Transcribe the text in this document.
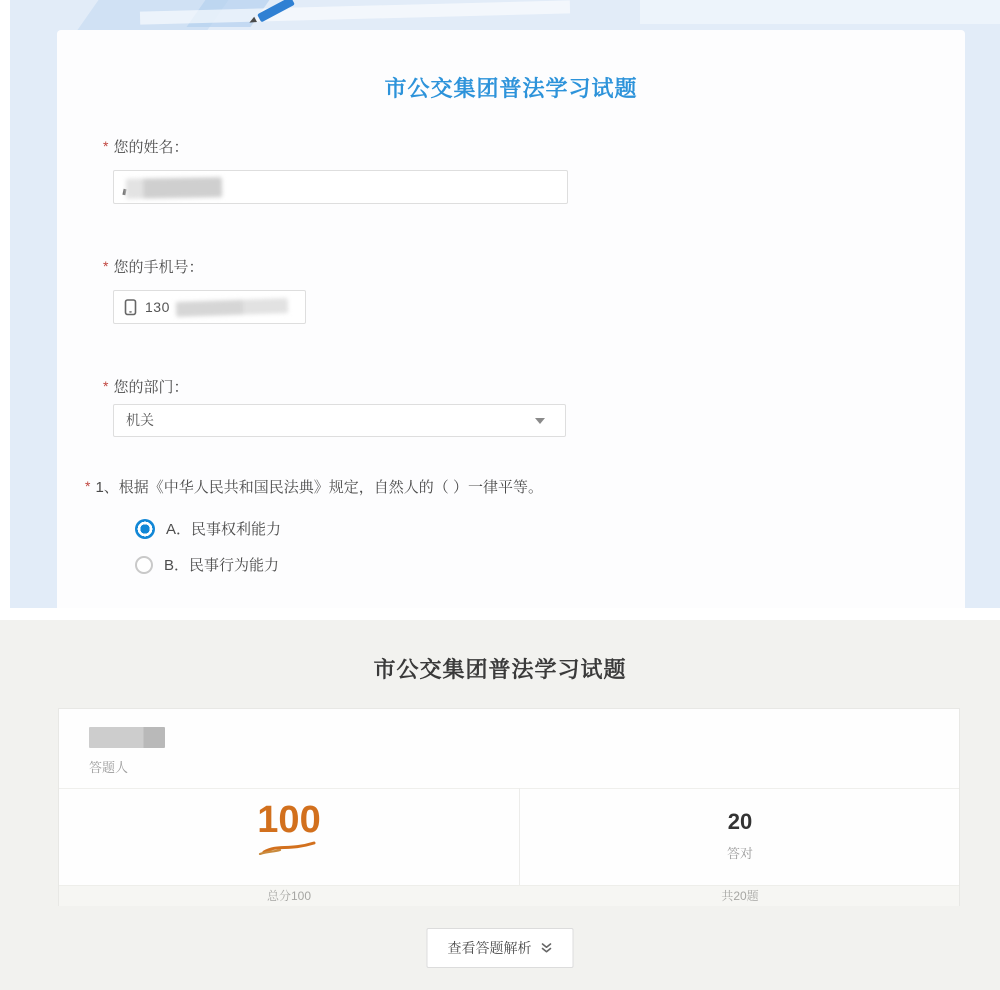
市公交集团普法学习试题
* 您的姓名：
* 您的手机号：
130
* 您的部门：
机关
* 1、根据《中华人民共和国民法典》规定，自然人的（ ）一律平等。
A．民事权利能力
B．民事行为能力
市公交集团普法学习试题
答题人
100	20
答对
总分100	共20题
查看答题解析
